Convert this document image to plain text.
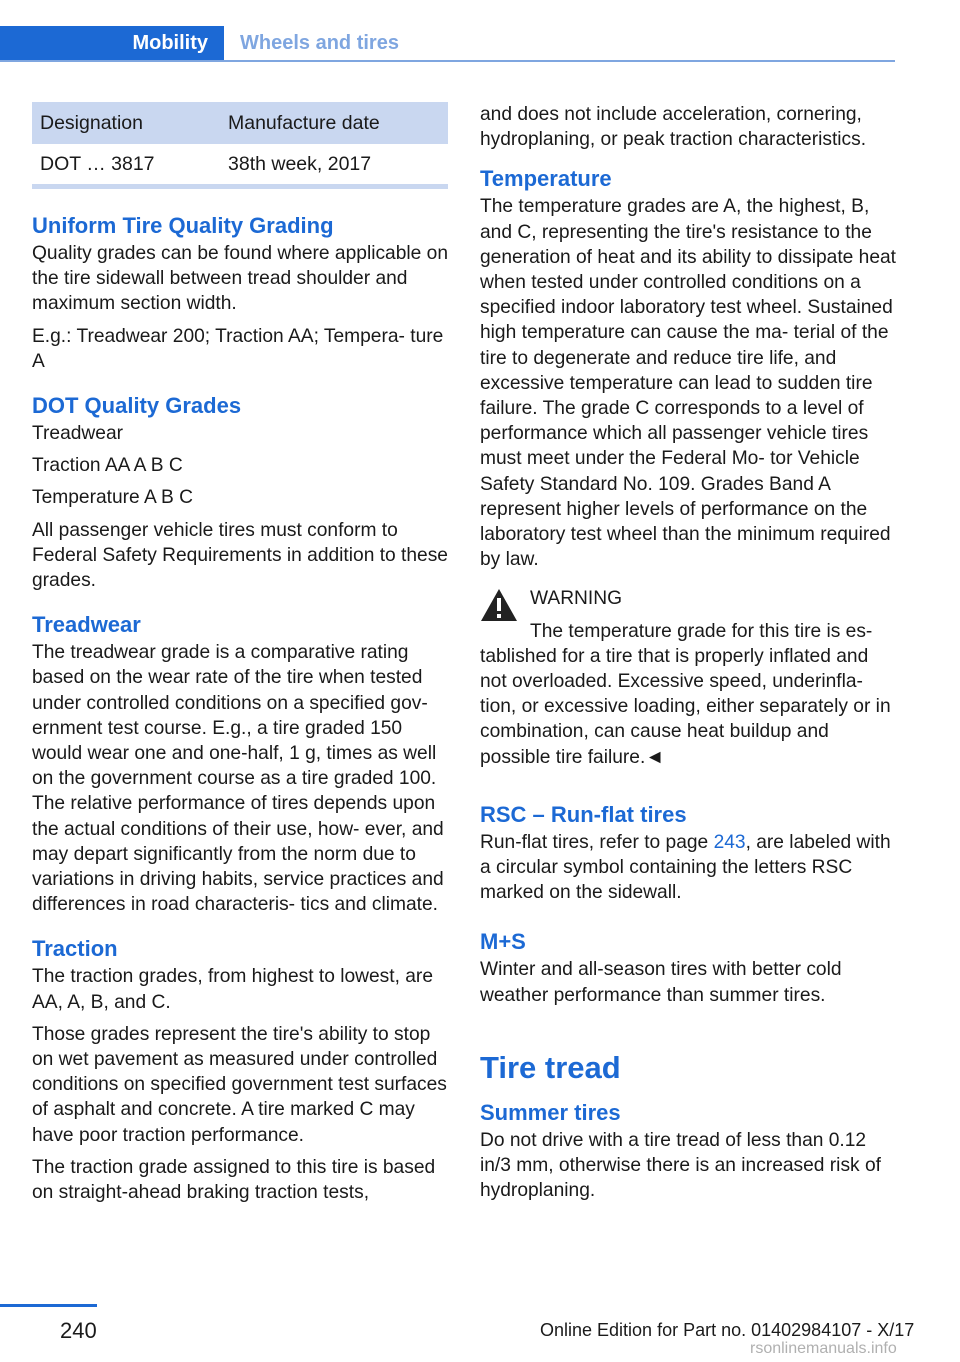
Mobility	Wheels and tires
Designation	Manufacture date
DOT … 3817	38th week, 2017
Uniform Tire Quality Grading

Quality grades can be found where applicable on the tire sidewall between tread shoulder and maximum section width.

E.g.: Treadwear 200; Traction AA; Tempera‐ ture A

DOT Quality Grades

Treadwear

Traction AA A B C

Temperature A B C

All passenger vehicle tires must conform to Federal Safety Requirements in addition to these grades.

Treadwear

The treadwear grade is a comparative rating based on the wear rate of the tire when tested under controlled conditions on a specified gov‐ ernment test course. E.g., a tire graded 150 would wear one and one-half, 1 g, times as well on the government course as a tire graded 100. The relative performance of tires depends upon the actual conditions of their use, how‐ ever, and may depart significantly from the norm due to variations in driving habits, service practices and differences in road characteris‐ tics and climate.

Traction

The traction grades, from highest to lowest, are AA, A, B, and C.

Those grades represent the tire's ability to stop on wet pavement as measured under controlled conditions on specified government test surfaces of asphalt and concrete. A tire marked C may have poor traction performance.

The traction grade assigned to this tire is based on straight-ahead braking traction tests,

and does not include acceleration, cornering, hydroplaning, or peak traction characteristics.

Temperature

The temperature grades are A, the highest, B, and C, representing the tire's resistance to the generation of heat and its ability to dissipate heat when tested under controlled conditions on a specified indoor laboratory test wheel. Sustained high temperature can cause the ma‐ terial of the tire to degenerate and reduce tire life, and excessive temperature can lead to sudden tire failure. The grade C corresponds to a level of performance which all passenger vehicle tires must meet under the Federal Mo‐ tor Vehicle Safety Standard No. 109. Grades Band A represent higher levels of performance on the laboratory test wheel than the minimum required by law.

WARNING
The temperature grade for this tire is es‐
tablished for a tire that is properly inflated and not overloaded. Excessive speed, underinfla‐ tion, or excessive loading, either separately or in combination, can cause heat buildup and possible tire failure.◄
RSC – Run-flat tires

Run-flat tires, refer to page 243, are labeled with a circular symbol containing the letters RSC marked on the sidewall.

M+S

Winter and all-season tires with better cold weather performance than summer tires.

Tire tread
Summer tires

Do not drive with a tire tread of less than 0.12 in/3 mm, otherwise there is an increased risk of hydroplaning.

240	Online Edition for Part no. 01402984107 - X/17
rsonlinemanuals.info
